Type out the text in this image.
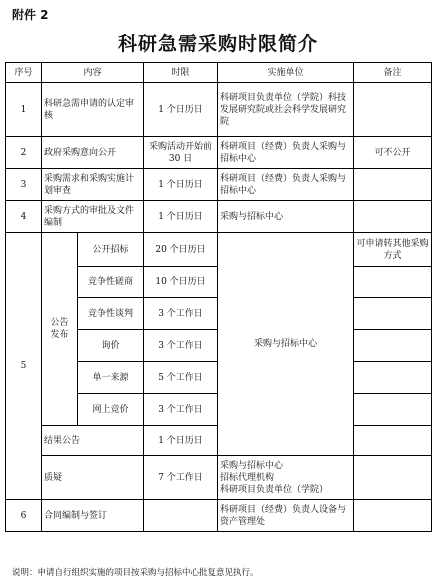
附件 2
科研急需采购时限简介
序号	内容		时限	实施单位	备注
1	科研急需申请的认定审核		1 个日历日	科研项目负责单位（学院）科技发展研究院或社会科学发展研究院	
2	政府采购意向公开		采购活动开始前 30 日	科研项目（经费）负责人采购与招标中心	可不公开
3	采购需求和采购实施计划审查		1 个日历日	科研项目（经费）负责人采购与招标中心	
4	采购方式的审批及文件编制		1 个日历日	采购与招标中心	
5	公告发布	公开招标	20 个日历日	采购与招标中心	可申请转其他采购方式
		竞争性磋商	10 个日历日		
		竞争性谈判	3 个工作日		
		询价	3 个工作日		
		单一来源	5 个工作日		
		网上竞价	3 个工作日		
	结果公告		1 个日历日		
	质疑		7 个工作日	采购与招标中心
招标代理机构
科研项目负责单位（学院）	
6	合同编制与签订			科研项目（经费）负责人设备与资产管理处	
说明：申请自行组织实施的项目按采购与招标中心批复意见执行。
